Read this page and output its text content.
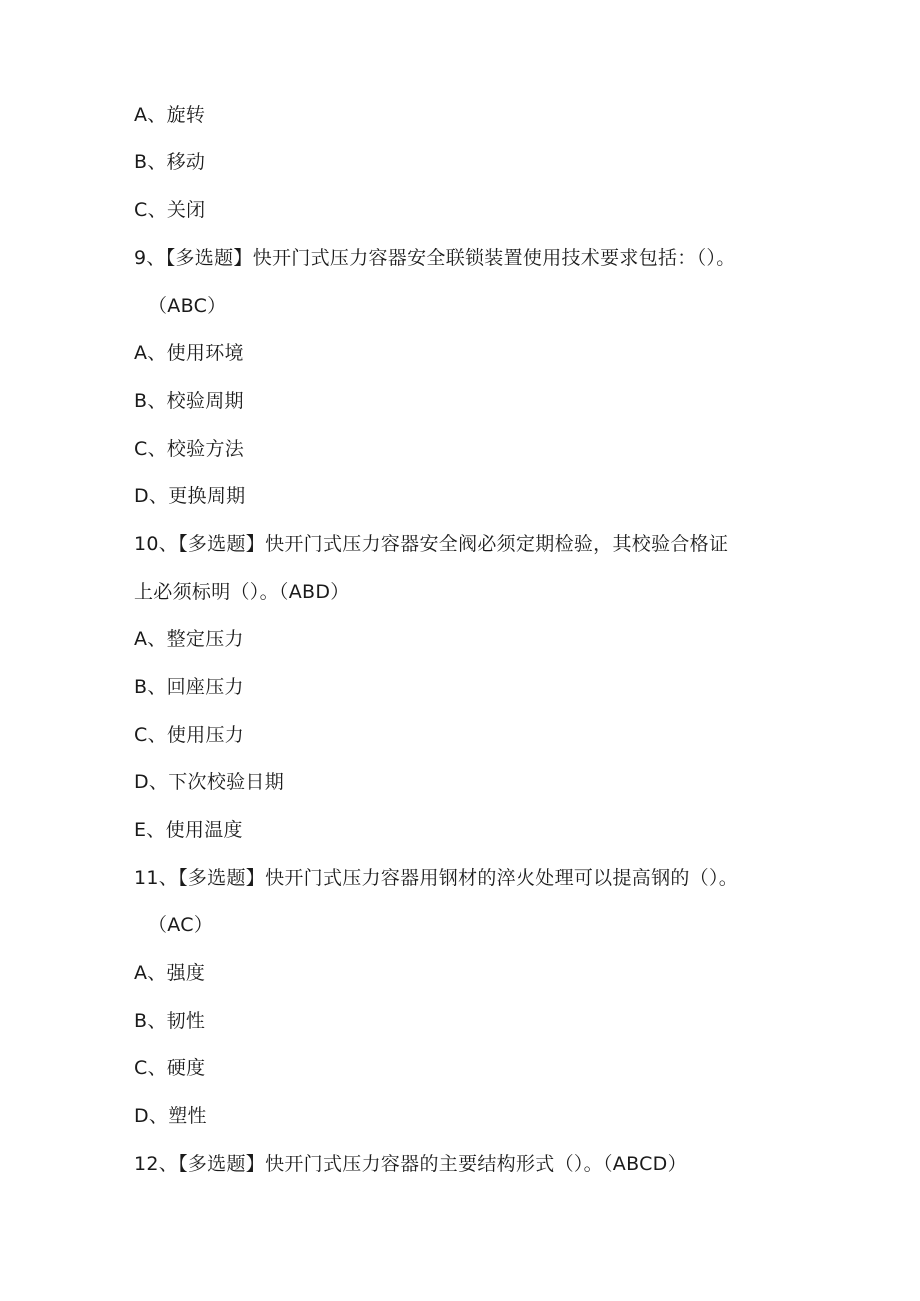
A、旋转
B、移动
C、关闭
9、【多选题】快开门式压力容器安全联锁装置使用技术要求包括：（）。
（ABC）
A、使用环境
B、校验周期
C、校验方法
D、更换周期
10、【多选题】快开门式压力容器安全阀必须定期检验，其校验合格证
上必须标明（）。（ABD）
A、整定压力
B、回座压力
C、使用压力
D、下次校验日期
E、使用温度
11、【多选题】快开门式压力容器用钢材的淬火处理可以提高钢的（）。
（AC）
A、强度
B、韧性
C、硬度
D、塑性
12、【多选题】快开门式压力容器的主要结构形式（）。（ABCD）
